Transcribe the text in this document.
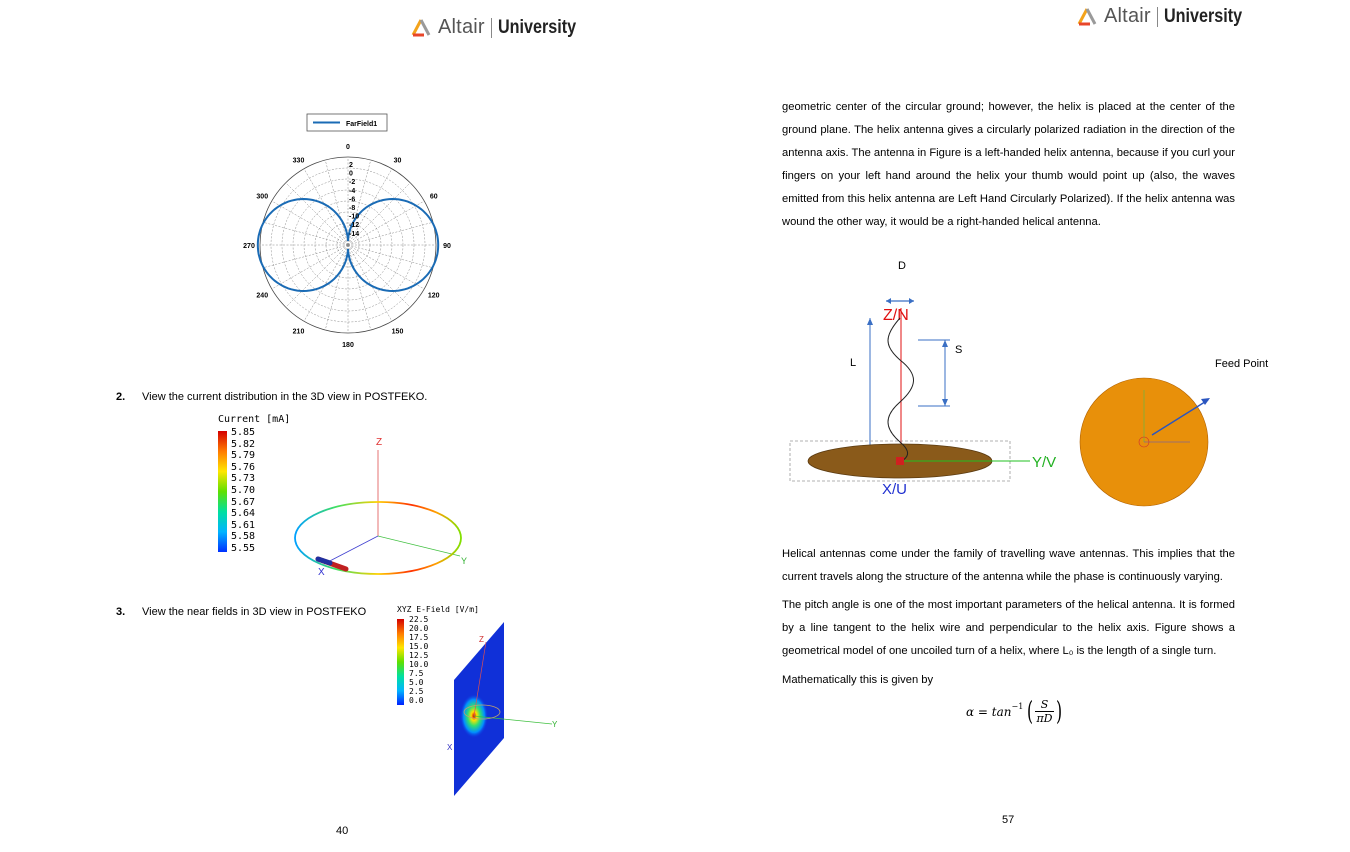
Altair University	Altair University
FarField1
0
30
60
90
120
150
180
210
240
270
300
330
2
0
-2
-4
-6
-8
-10
-12
-14
2. View the current distribution in the 3D view in POSTFEKO.
Current [mA]
5.85
5.82
5.79
5.76
5.73
5.70
5.67
5.64
5.61
5.58
5.55
Z
Y
X
3. View the near fields in 3D view in POSTFEKO	XYZ E-Field [V/m]
22.5
20.0
17.5
15.0
12.5
10.0
7.5
5.0
2.5
0.0
Z
Y
X
40
geometric center of the circular ground; however, the helix is placed at the center of the ground plane. The helix antenna gives a circularly polarized radiation in the direction of the antenna axis. The antenna in Figure is a left-handed helix antenna, because if you curl your fingers on your left hand around the helix your thumb would point up (also, the waves emitted from this helix antenna are Left Hand Circularly Polarized). If the helix antenna was wound the other way, it would be a right-handed helical antenna.
D
Z/N
L
S
Y/V
X/U
Feed Point
Helical antennas come under the family of travelling wave antennas. This implies that the current travels along the structure of the antenna while the phase is continuously varying.
The pitch angle is one of the most important parameters of the helical antenna. It is formed by a line tangent to the helix wire and perpendicular to the helix axis. Figure shows a geometrical model of one uncoiled turn of a helix, where L₀ is the length of a single turn.
Mathematically this is given by
$\alpha = \tan^{-1}$ ( $\frac{S}{\pi D}$ )
57
